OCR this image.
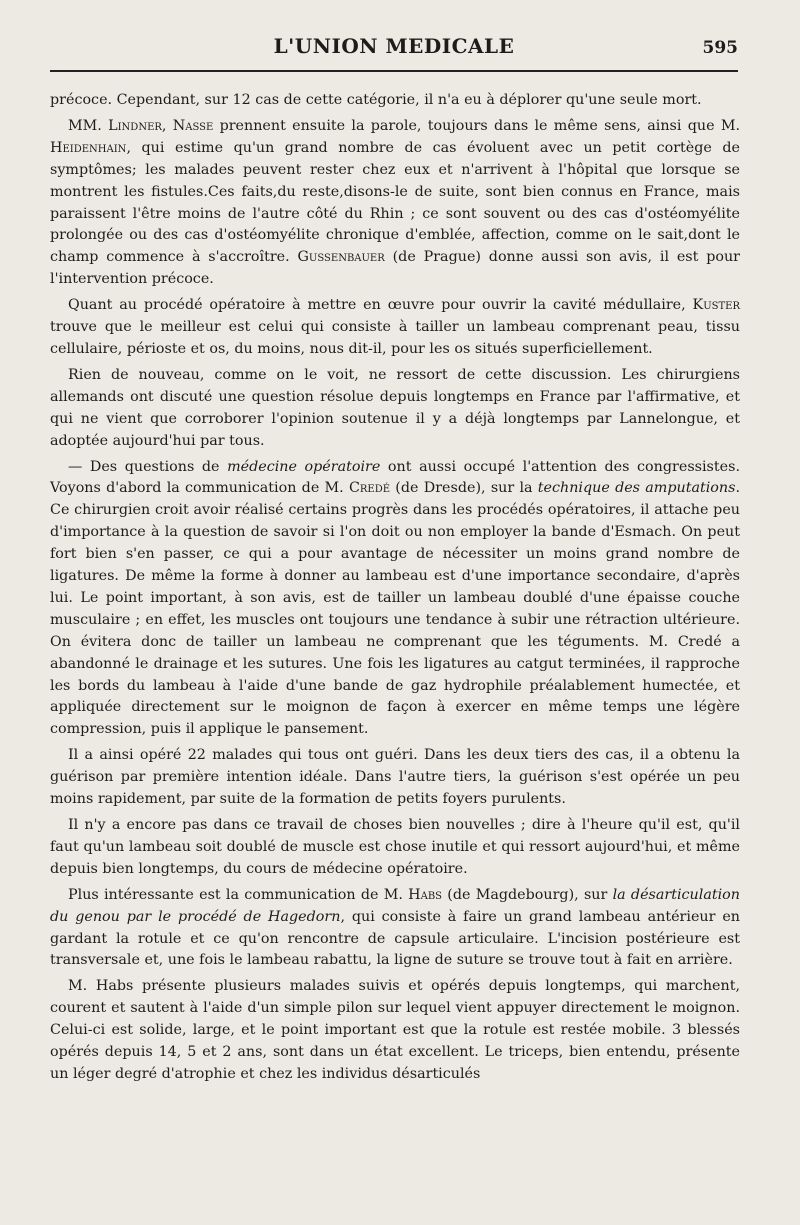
L'UNION MEDICALE	595

précoce. Cependant, sur 12 cas de cette catégorie, il n'a eu à déplorer qu'une seule mort.

MM. Lindner, Nasse prennent ensuite la parole, toujours dans le même sens, ainsi que M. Heidenhain, qui estime qu'un grand nombre de cas évoluent avec un petit cortège de symptômes; les malades peuvent rester chez eux et n'arrivent à l'hôpital que lorsque se montrent les fistules.Ces faits,du reste,disons-le de suite, sont bien connus en France, mais paraissent l'être moins de l'autre côté du Rhin ; ce sont souvent ou des cas d'ostéomyélite prolongée ou des cas d'ostéomyélite chronique d'emblée, affection, comme on le sait,dont le champ commence à s'accroître. Gussenbauer (de Prague) donne aussi son avis, il est pour l'intervention précoce.

Quant au procédé opératoire à mettre en œuvre pour ouvrir la cavité médullaire, Kuster trouve que le meilleur est celui qui consiste à tailler un lambeau comprenant peau, tissu cellulaire, périoste et os, du moins, nous dit-il, pour les os situés superficiellement.

Rien de nouveau, comme on le voit, ne ressort de cette discussion. Les chirurgiens allemands ont discuté une question résolue depuis longtemps en France par l'affirmative, et qui ne vient que corroborer l'opinion soutenue il y a déjà longtemps par Lannelongue, et adoptée aujourd'hui par tous.

— Des questions de médecine opératoire ont aussi occupé l'attention des congressistes. Voyons d'abord la communication de M. Credé (de Dresde), sur la technique des amputations. Ce chirurgien croit avoir réalisé certains progrès dans les procédés opératoires, il attache peu d'importance à la question de savoir si l'on doit ou non employer la bande d'Esmach. On peut fort bien s'en passer, ce qui a pour avantage de nécessiter un moins grand nombre de ligatures. De même la forme à donner au lambeau est d'une importance secondaire, d'après lui. Le point important, à son avis, est de tailler un lambeau doublé d'une épaisse couche musculaire ; en effet, les muscles ont toujours une tendance à subir une rétraction ultérieure. On évitera donc de tailler un lambeau ne comprenant que les téguments. M. Credé a abandonné le drainage et les sutures. Une fois les ligatures au catgut terminées, il rapproche les bords du lambeau à l'aide d'une bande de gaz hydrophile préalablement humectée, et appliquée directement sur le moignon de façon à exercer en même temps une légère compression, puis il applique le pansement.

Il a ainsi opéré 22 malades qui tous ont guéri. Dans les deux tiers des cas, il a obtenu la guérison par première intention idéale. Dans l'autre tiers, la guérison s'est opérée un peu moins rapidement, par suite de la formation de petits foyers purulents.

Il n'y a encore pas dans ce travail de choses bien nouvelles ; dire à l'heure qu'il est, qu'il faut qu'un lambeau soit doublé de muscle est chose inutile et qui ressort aujourd'hui, et même depuis bien longtemps, du cours de médecine opératoire.

Plus intéressante est la communication de M. Habs (de Magdebourg), sur la désarticulation du genou par le procédé de Hagedorn, qui consiste à faire un grand lambeau antérieur en gardant la rotule et ce qu'on rencontre de capsule articulaire. L'incision postérieure est transversale et, une fois le lambeau rabattu, la ligne de suture se trouve tout à fait en arrière.

M. Habs présente plusieurs malades suivis et opérés depuis longtemps, qui marchent, courent et sautent à l'aide d'un simple pilon sur lequel vient appuyer directement le moignon. Celui-ci est solide, large, et le point important est que la rotule est restée mobile. 3 blessés opérés depuis 14, 5 et 2 ans, sont dans un état excellent. Le triceps, bien entendu, présente un léger degré d'atrophie et chez les individus désarticulés
